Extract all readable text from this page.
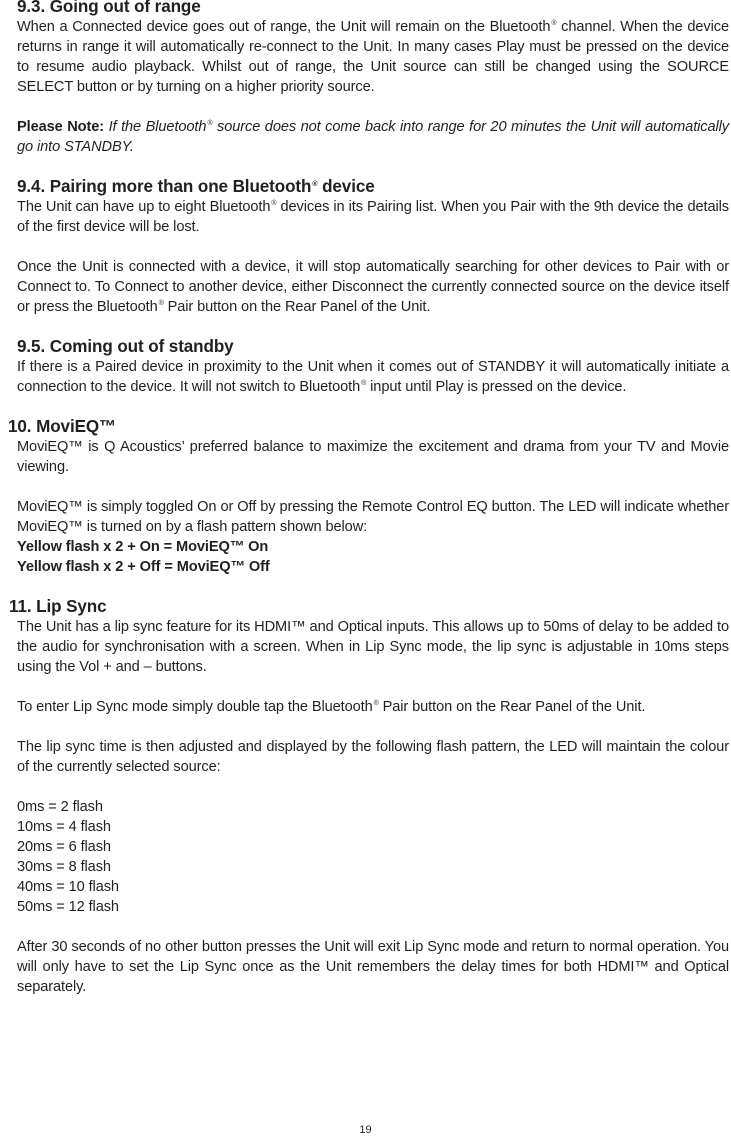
9.3. Going out of range

When a Connected device goes out of range, the Unit will remain on the Bluetooth® channel. When the device returns in range it will automatically re-connect to the Unit. In many cases Play must be pressed on the device to resume audio playback. Whilst out of range, the Unit source can still be changed using the SOURCE SELECT button or by turning on a higher priority source.

Please Note: If the Bluetooth® source does not come back into range for 20 minutes the Unit will automatically go into STANDBY.

9.4. Pairing more than one Bluetooth® device

The Unit can have up to eight Bluetooth® devices in its Pairing list. When you Pair with the 9th device the details of the first device will be lost.

Once the Unit is connected with a device, it will stop automatically searching for other devices to Pair with or Connect to. To Connect to another device, either Disconnect the currently connected source on the device itself or press the Bluetooth® Pair button on the Rear Panel of the Unit.

9.5. Coming out of standby

If there is a Paired device in proximity to the Unit when it comes out of STANDBY it will automatically initiate a connection to the device. It will not switch to Bluetooth® input until Play is pressed on the device.

10. MoviEQ™

MoviEQ™ is Q Acoustics’ preferred balance to maximize the excitement and drama from your TV and Movie viewing.

MoviEQ™ is simply toggled On or Off by pressing the Remote Control EQ button. The LED will indicate whether MoviEQ™ is turned on by a flash pattern shown below:

Yellow flash x 2 + On = MoviEQ™ On

Yellow flash x 2 + Off = MoviEQ™ Off

11. Lip Sync

The Unit has a lip sync feature for its HDMI™ and Optical inputs. This allows up to 50ms of delay to be added to the audio for synchronisation with a screen. When in Lip Sync mode, the lip sync is adjustable in 10ms steps using the Vol + and – buttons.

To enter Lip Sync mode simply double tap the Bluetooth® Pair button on the Rear Panel of the Unit.

The lip sync time is then adjusted and displayed by the following flash pattern, the LED will maintain the colour of the currently selected source:

0ms = 2 flash

10ms = 4 flash

20ms = 6 flash

30ms = 8 flash

40ms = 10 flash

50ms = 12 flash

After 30 seconds of no other button presses the Unit will exit Lip Sync mode and return to normal operation. You will only have to set the Lip Sync once as the Unit remembers the delay times for both HDMI™ and Optical separately.

19
